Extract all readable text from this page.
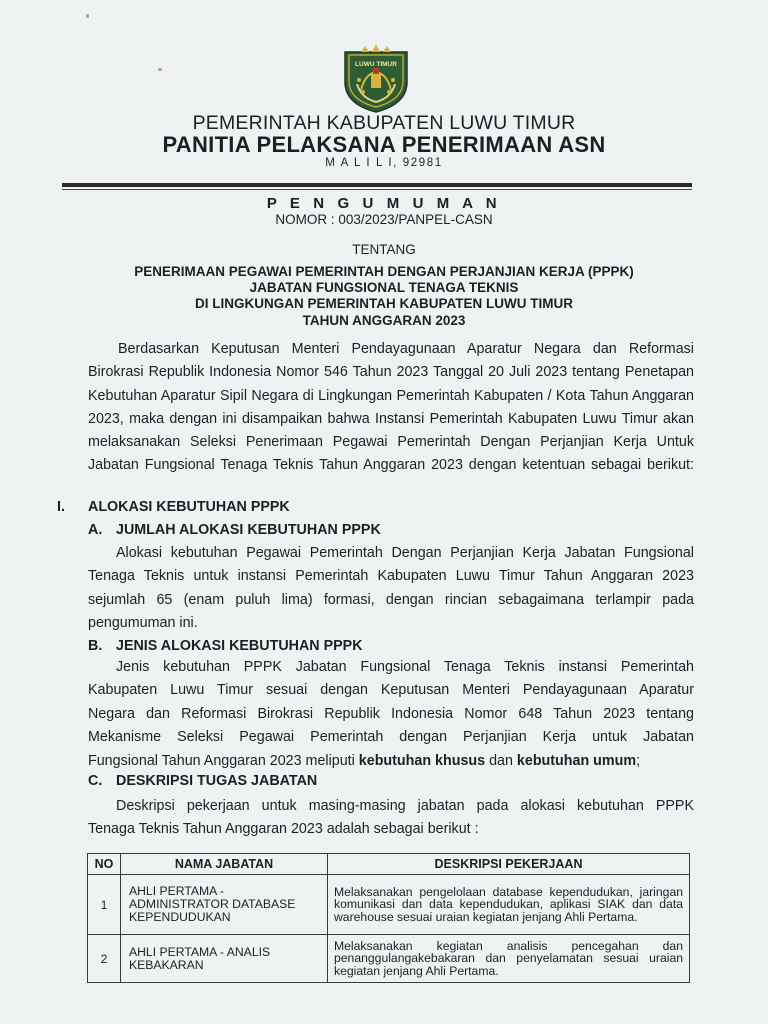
LUWU TIMUR
PEMERINTAH KABUPATEN LUWU TIMUR
PANITIA PELAKSANA PENERIMAAN ASN
M A L I L I, 92981
P E N G U M U M A N
NOMOR : 003/2023/PANPEL-CASN
TENTANG
PENERIMAAN PEGAWAI PEMERINTAH DENGAN PERJANJIAN KERJA (PPPK)
JABATAN FUNGSIONAL TENAGA TEKNIS
DI LINGKUNGAN PEMERINTAH KABUPATEN LUWU TIMUR
TAHUN ANGGARAN 2023

Berdasarkan Keputusan Menteri Pendayagunaan Aparatur Negara dan Reformasi

Birokrasi Republik Indonesia Nomor 546 Tahun 2023 Tanggal 20 Juli 2023 tentang Penetapan

Kebutuhan Aparatur Sipil Negara di Lingkungan Pemerintah Kabupaten / Kota Tahun Anggaran

2023, maka dengan ini disampaikan bahwa Instansi Pemerintah Kabupaten Luwu Timur akan

melaksanakan Seleksi Penerimaan Pegawai Pemerintah Dengan Perjanjian Kerja Untuk

Jabatan Fungsional Tenaga Teknis Tahun Anggaran 2023 dengan ketentuan sebagai berikut:

I. ALOKASI KEBUTUHAN PPPK
A. JUMLAH ALOKASI KEBUTUHAN PPPK

Alokasi kebutuhan Pegawai Pemerintah Dengan Perjanjian Kerja Jabatan Fungsional

Tenaga Teknis untuk instansi Pemerintah Kabupaten Luwu Timur Tahun Anggaran 2023

sejumlah 65 (enam puluh lima) formasi, dengan rincian sebagaimana terlampir pada

pengumuman ini.

B. JENIS ALOKASI KEBUTUHAN PPPK

Jenis kebutuhan PPPK Jabatan Fungsional Tenaga Teknis instansi Pemerintah

Kabupaten Luwu Timur sesuai dengan Keputusan Menteri Pendayagunaan Aparatur

Negara dan Reformasi Birokrasi Republik Indonesia Nomor 648 Tahun 2023 tentang

Mekanisme Seleksi Pegawai Pemerintah dengan Perjanjian Kerja untuk Jabatan

Fungsional Tahun Anggaran 2023 meliputi kebutuhan khusus dan kebutuhan umum;

C. DESKRIPSI TUGAS JABATAN

Deskripsi pekerjaan untuk masing-masing jabatan pada alokasi kebutuhan PPPK

Tenaga Teknis Tahun Anggaran 2023 adalah sebagai berikut :

NO	NAMA JABATAN	DESKRIPSI PEKERJAAN
1	AHLI PERTAMA -
ADMINISTRATOR DATABASE
KEPENDUDUKAN	Melaksanakan pengelolaan database kependudukan, jaringan komunikasi dan data kependudukan, aplikasi SIAK dan data warehouse sesuai uraian kegiatan jenjang Ahli Pertama.
2	AHLI PERTAMA - ANALIS
KEBAKARAN	Melaksanakan kegiatan analisis pencegahan dan penanggulangakebakaran dan penyelamatan sesuai uraian kegiatan jenjang Ahli Pertama.
